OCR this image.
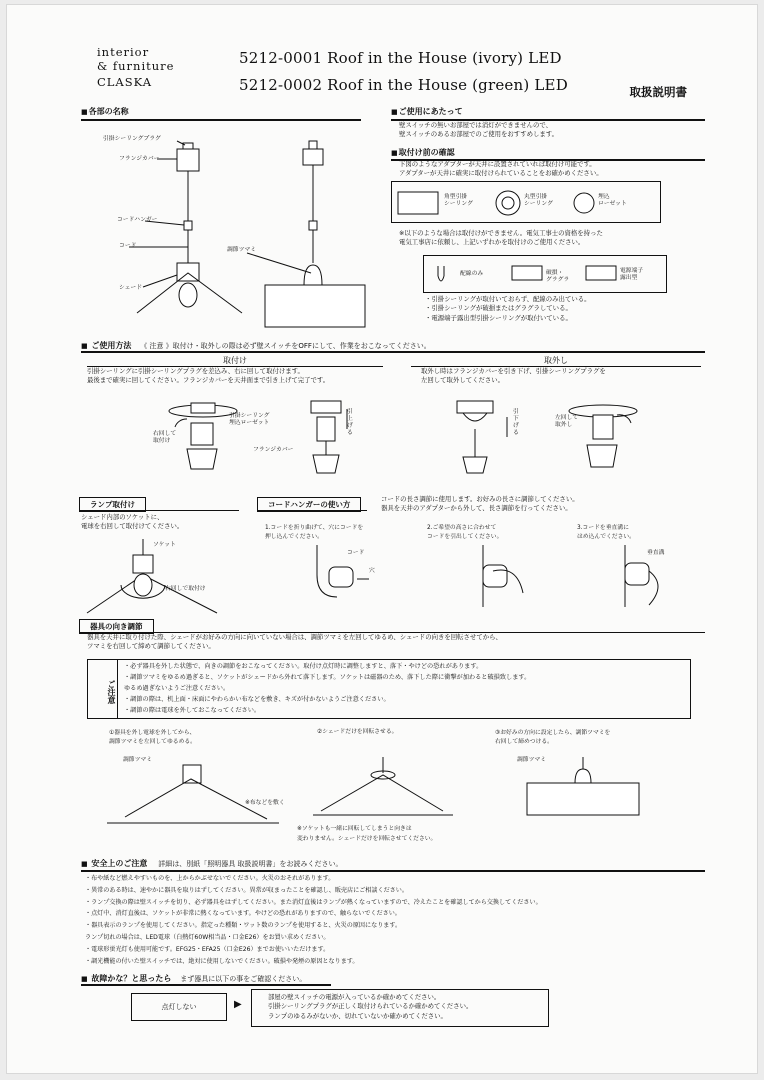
interior
& furniture
CLASKA
5212-0001 Roof in the House (ivory) LED
5212-0002 Roof in the House (green) LED	取扱説明書
■ 各部の名称
引掛シーリングプラグ
フランジカバー
コードハンガー
コード
シェード
調節ツマミ
■ ご使用にあたって
壁スイッチの無いお部屋では消灯ができませんので、
壁スイッチのあるお部屋でのご使用をおすすめします。
■ 取付け前の確認
下図のようなアダプターが天井に設置されていれば取付け可能です。
アダプターが天井に確実に取付けられていることをお確かめください。
角型引掛
シーリング
丸型引掛
シーリング
埋込
ローゼット
※以下のような場合は取付けができません。電気工事士の資格を持った
電気工事店に依頼し、上記いずれかを取付けのご使用ください。
配線のみ	破損・
グラグラ
電源端子
露出型
・引掛シーリングが取付いておらず、配線のみ出ている。
・引掛シーリングが破損またはグラグラしている。
・電源端子露出型引掛シーリングが取付いている。
■ ご使用方法 《 注意 》取付け・取外しの際は必ず壁スイッチをOFFにして、作業をおこなってください。
取付け	取外し
引掛シーリングに引掛シーリングプラグを差込み、右に回して取付けます。
最後まで確実に回してください。フランジカバーを天井面まで引き上げて完了です。
取外し時はフランジカバーを引き下げ、引掛シーリングプラグを
左回して取外してください。
右回して
取付け
引掛シーリング
埋込ローゼット
フランジカバー
引
上
げ
る
引
下
げ
る
左回して
取外し
ランプ取付け
シェード内部のソケットに、
電球を右回して取付けてください。
ソケット
右回しで取付け
コードハンガーの使い方
コードの長さ調節に使用します。お好みの長さに調節してください。
器具を天井のアダプターから外して、長さ調節を行ってください。
1.コードを折り曲げて、穴にコードを
押し込んでください。
2.ご希望の高さに合わせて
コードを引出してください。
3.コードを垂直溝に
はめ込んでください。
コード
穴
垂直溝
器具の向き調節
器具を天井に取り付けた際、シェードがお好みの方向に向いていない場合は、調節ツマミを左回してゆるめ、シェードの向きを回転させてから、
ツマミを右回して締めて調節してください。
ご注意
・必ず器具を外した状態で、向きの調節をおこなってください。取付け点灯時に調整しますと、落下・やけどの恐れがあります。
・調節ツマミをゆるめ過ぎると、ソケットがシェードから外れて落下します。ソケットは磁器のため、落下した際に衝撃が加わると破損致します。
ゆるめ過ぎないようご注意ください。
・調節の際は、机上面・床面にやわらかい布などを敷き、キズが付かないようご注意ください。
・調節の際は電球を外しておこなってください。
①器具を外し電球を外してから、
調節ツマミを左回してゆるめる。
②シェードだけを回転させる。	③お好みの方向に設定したら、調節ツマミを
右回して締めつける。
調節ツマミ
※布などを敷く
調節ツマミ
※ソケットも一緒に回転してしまうと向きは
変わりません。シェードだけを回転させてください。
■ 安全上のご注意 詳細は、別紙「照明器具 取扱説明書」をお読みください。
・布や紙など燃えやすいものを、上からかぶせないでください。火災のおそれがあります。
・異常のある時は、速やかに器具を取りはずしてください。異常が収まったことを確認し、販売店にご相談ください。
・ランプ交換の際は壁スイッチを切り、必ず器具をはずしてください。また消灯直後はランプが熱くなっていますので、冷えたことを確認してから交換してください。
・点灯中、消灯直後は、ソケットが非常に熱くなっています。やけどの恐れがありますので、触らないでください。
・器具表示のランプを使用してください。指定った種類・ワット数のランプを使用すると、火災の原因になります。
ランプ切れの場合は、LED電球（白熱灯60W相当品・口金E26）をお買い求めください。
・電球形蛍光灯も使用可能です。EFG25・EFA25（口金E26）までお使いいただけます。
・調光機能の付いた壁スイッチでは、絶対に使用しないでください。破損や発煙の原因となります。
■ 故障かな？と思ったら まず器具に以下の事をご確認ください。
点灯しない	▶
部屋の壁スイッチの電源が入っているか確かめてください。
引掛シーリングプラグが正しく取付けられているか確かめてください。
ランプのゆるみがないか、切れていないか確かめてください。
